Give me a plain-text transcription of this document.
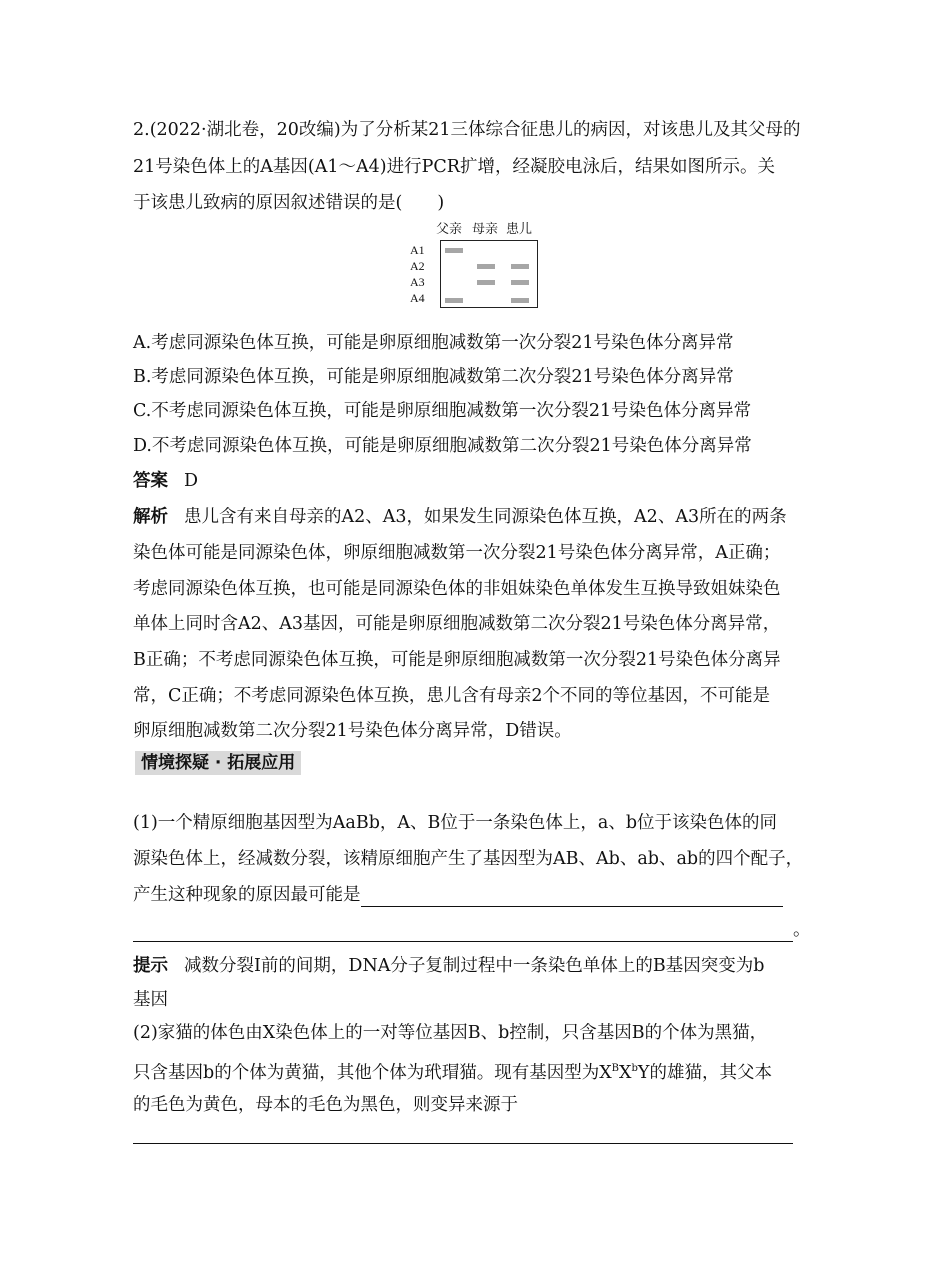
2.(2022·湖北卷，20改编)为了分析某21三体综合征患儿的病因，对该患儿及其父母的
21号染色体上的A基因(A1～A4)进行PCR扩增，经凝胶电泳后，结果如图所示。关
于该患儿致病的原因叙述错误的是(　　)
父亲 母亲 患儿
A1
A2
A3
A4
A.考虑同源染色体互换，可能是卵原细胞减数第一次分裂21号染色体分离异常
B.考虑同源染色体互换，可能是卵原细胞减数第二次分裂21号染色体分离异常
C.不考虑同源染色体互换，可能是卵原细胞减数第一次分裂21号染色体分离异常
D.不考虑同源染色体互换，可能是卵原细胞减数第二次分裂21号染色体分离异常
答案 D
解析 患儿含有来自母亲的A2、A3，如果发生同源染色体互换，A2、A3所在的两条
染色体可能是同源染色体，卵原细胞减数第一次分裂21号染色体分离异常，A正确；
考虑同源染色体互换，也可能是同源染色体的非姐妹染色单体发生互换导致姐妹染色
单体上同时含A2、A3基因，可能是卵原细胞减数第二次分裂21号染色体分离异常，
B正确；不考虑同源染色体互换，可能是卵原细胞减数第一次分裂21号染色体分离异
常，C正确；不考虑同源染色体互换，患儿含有母亲2个不同的等位基因，不可能是
卵原细胞减数第二次分裂21号染色体分离异常，D错误。
情境探疑 · 拓展应用
(1)一个精原细胞基因型为AaBb，A、B位于一条染色体上，a、b位于该染色体的同
源染色体上，经减数分裂，该精原细胞产生了基因型为AB、Ab、ab、ab的四个配子，
产生这种现象的原因最可能是
。
提示 减数分裂Ⅰ前的间期，DNA分子复制过程中一条染色单体上的B基因突变为b
基因
(2)家猫的体色由X染色体上的一对等位基因B、b控制，只含基因B的个体为黑猫，
只含基因b的个体为黄猫，其他个体为玳瑁猫。现有基因型为$X^BX^bY$的雄猫，其父本
的毛色为黄色，母本的毛色为黑色，则变异来源于
